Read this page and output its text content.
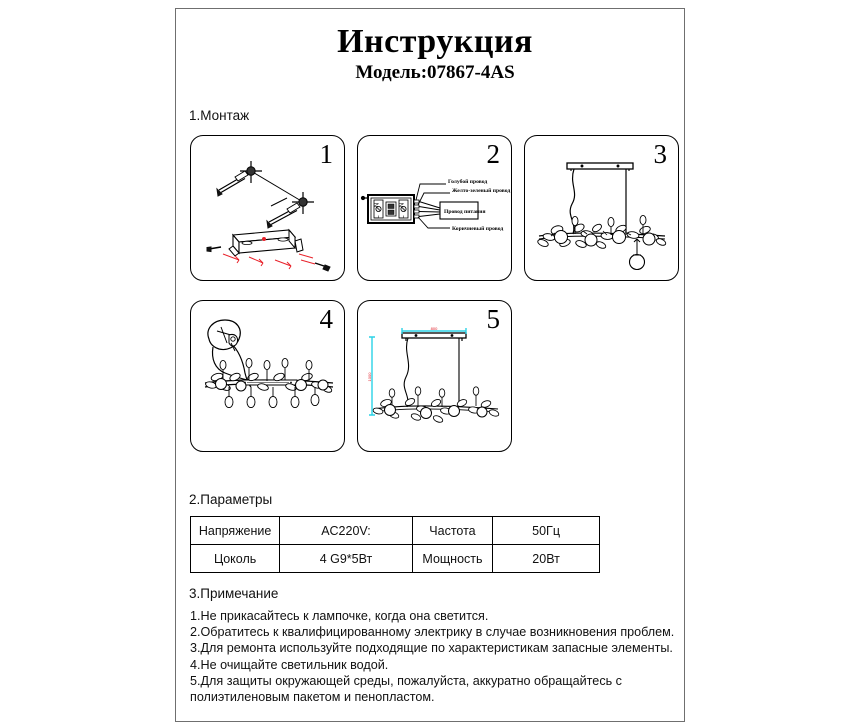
Инструкция
Модель:07867-4AS
1.Монтаж
1	2
N
L
N
L
Голубой провод
Желто-зеленый провод
Провод питания
Коричневый провод
3
4	5
800
1000
2.Параметры
Напряжение	AC220V:	Частота	50Гц
Цоколь	4 G9*5Вт	Мощность	20Вт
3.Примечание
1.Не прикасайтесь к лампочке, когда она светится.
2.Обратитесь к квалифицированному электрику в случае возникновения проблем.
3.Для ремонта используйте подходящие по характеристикам запасные элементы.
4.Не очищайте светильник водой.
5.Для защиты окружающей среды, пожалуйста, аккуратно обращайтесь с
полиэтиленовым пакетом и пенопластом.
